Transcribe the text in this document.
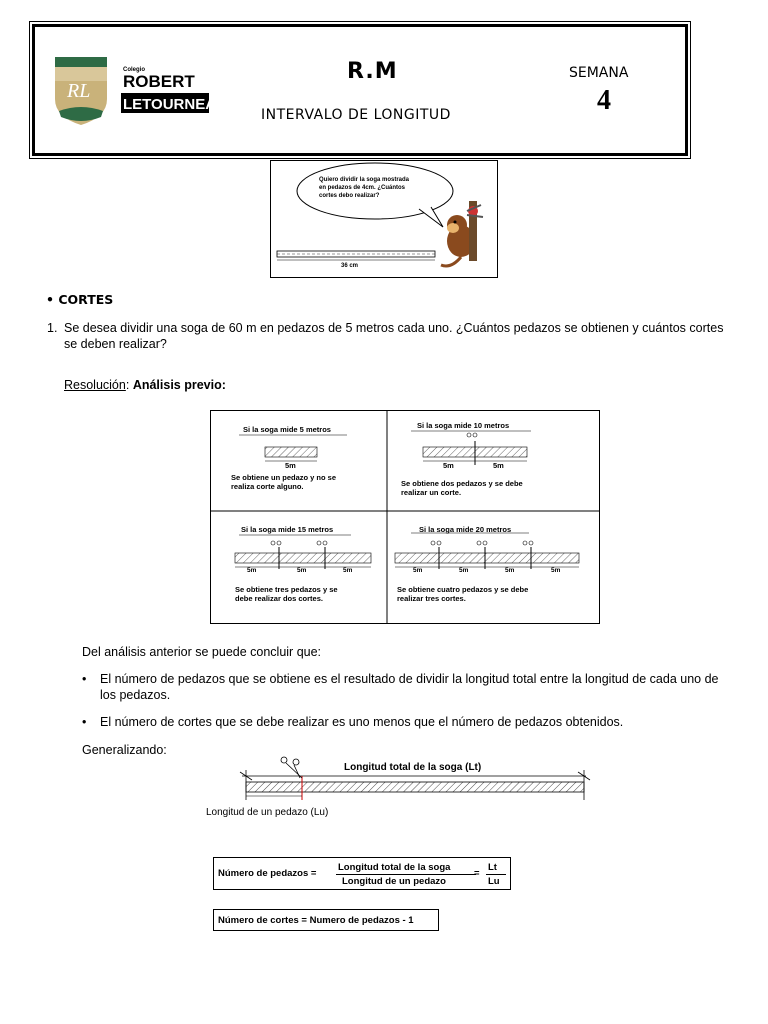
RL
Colegio
ROBERT
LETOURNEAU
R.M
INTERVALO DE LONGITUD
SEMANA
4
Quiero dividir la soga mostrada
en pedazos de 4cm. ¿Cuántos
cortes debo realizar?
36 cm
• CORTES
1. Se desea dividir una soga de 60 m en pedazos de 5 metros cada uno. ¿Cuántos pedazos se obtienen y cuántos cortes se deben realizar?
Resolución: Análisis previo:
Si la soga mide 5 metros
5m
Se obtiene un pedazo y no se
realiza corte alguno.
Si la soga mide 10 metros
5m	5m
Se obtiene dos pedazos y se debe
realizar un corte.
Si la soga mide 15 metros
5m	5m	5m
Se obtiene tres pedazos y se
debe realizar dos cortes.
Si la soga mide 20 metros
5m	5m	5m	5m
Se obtiene cuatro pedazos y se debe
realizar tres cortes.
Del análisis anterior se puede concluir que:
• El número de pedazos que se obtiene es el resultado de dividir la longitud total entre la longitud de cada uno de los pedazos.
• El número de cortes que se debe realizar es uno menos que el número de pedazos obtenidos.
Generalizando:
Longitud total de la soga (Lt)
Longitud de un pedazo (Lu)
Número de pedazos =
Longitud total de la soga
Longitud de un pedazo
=
Lt
Lu
Número de cortes = Numero de pedazos - 1
